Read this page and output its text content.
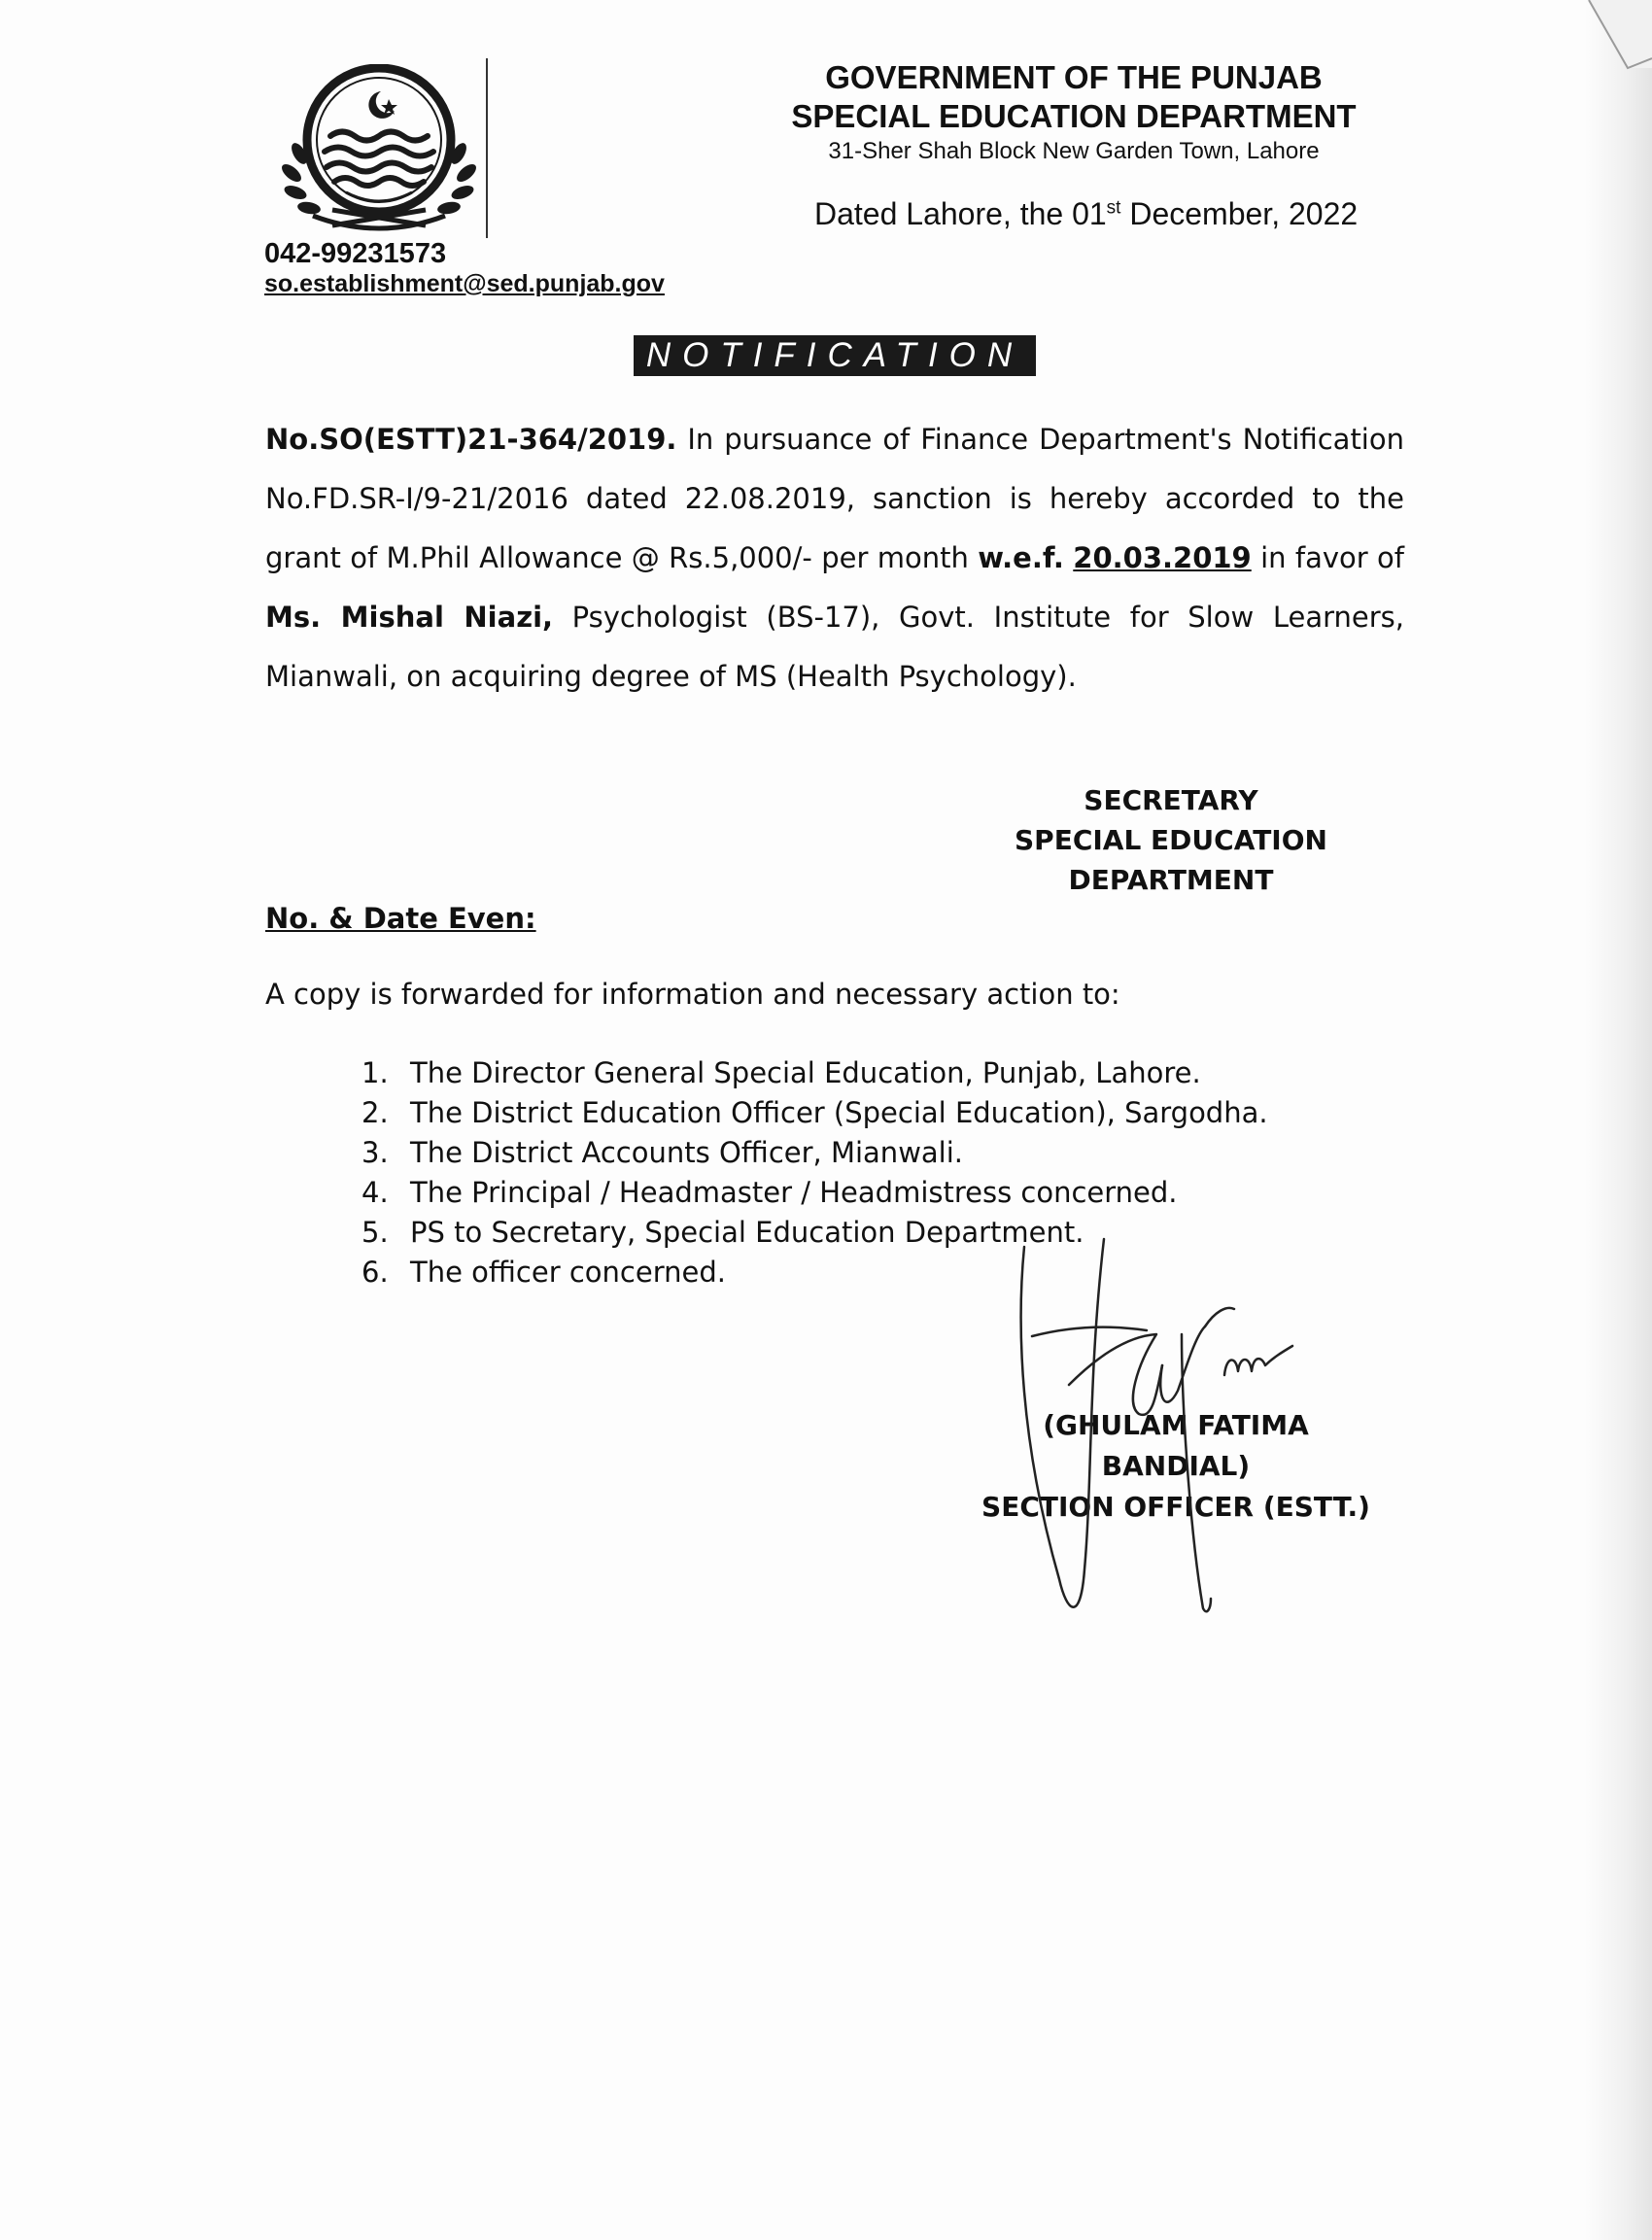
GOVERNMENT OF THE PUNJAB
SPECIAL EDUCATION DEPARTMENT
31-Sher Shah Block New Garden Town, Lahore
Dated Lahore, the 01st December, 2022
042-99231573
so.establishment@sed.punjab.gov
NOTIFICATION
No.SO(ESTT)21-364/2019. In pursuance of Finance Department's Notification No.FD.SR-I/9-21/2016 dated 22.08.2019, sanction is hereby accorded to the grant of M.Phil Allowance @ Rs.5,000/- per month w.e.f. 20.03.2019 in favor of Ms. Mishal Niazi, Psychologist (BS-17), Govt. Institute for Slow Learners, Mianwali, on acquiring degree of MS (Health Psychology).
SECRETARY
SPECIAL EDUCATION
DEPARTMENT
No. & Date Even:
A copy is forwarded for information and necessary action to:
1. The Director General Special Education, Punjab, Lahore.
2. The District Education Officer (Special Education), Sargodha.
3. The District Accounts Officer, Mianwali.
4. The Principal / Headmaster / Headmistress concerned.
5. PS to Secretary, Special Education Department.
6. The officer concerned.
(GHULAM FATIMA BANDIAL)
SECTION OFFICER (ESTT.)
